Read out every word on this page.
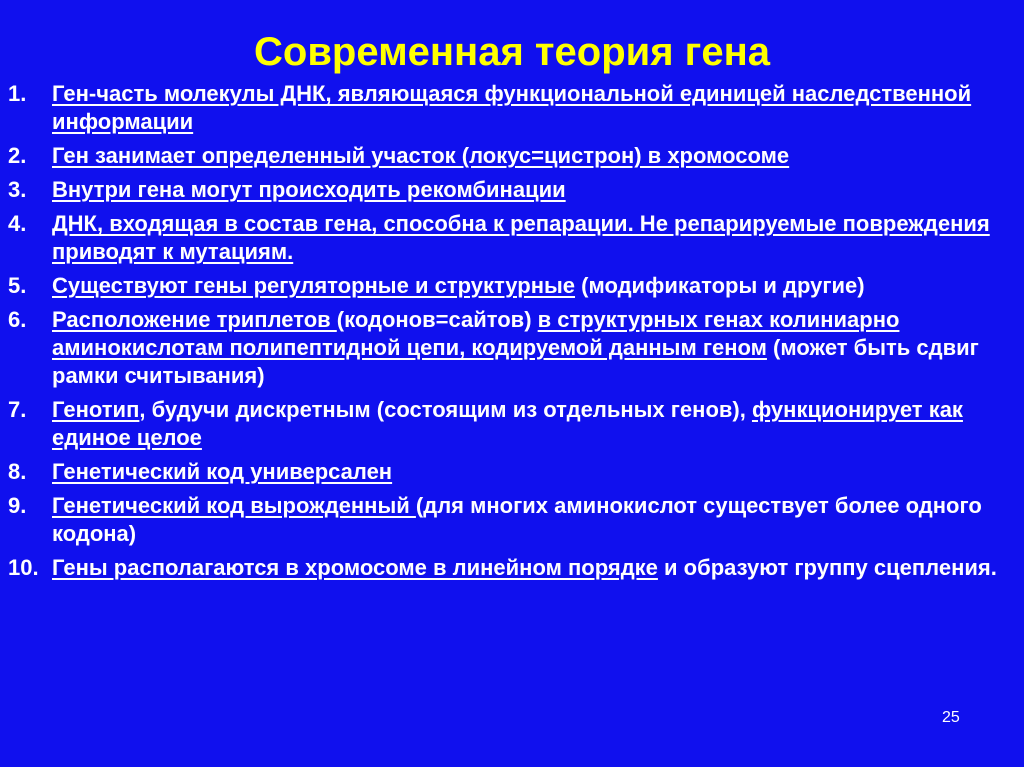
Современная теория гена
1.	Ген-часть молекулы ДНК, являющаяся функциональной единицей наследственной информации
2.	Ген занимает определенный участок (локус=цистрон) в хромосоме
3.	Внутри гена могут происходить рекомбинации
4.	ДНК, входящая в состав гена, способна к репарации. Не репарируемые повреждения приводят к мутациям.
5.	Существуют гены регуляторные и структурные (модификаторы и другие)
6.	Расположение триплетов (кодонов=сайтов) в структурных генах колиниарно аминокислотам полипептидной цепи, кодируемой данным геном (может быть сдвиг рамки считывания)
7.	Генотип, будучи дискретным (состоящим из отдельных генов), функционирует как единое целое
8.	Генетический код универсален
9.	Генетический код вырожденный (для многих аминокислот существует более одного кодона)
10. Гены располагаются в хромосоме в линейном порядке и образуют группу сцепления.
25
